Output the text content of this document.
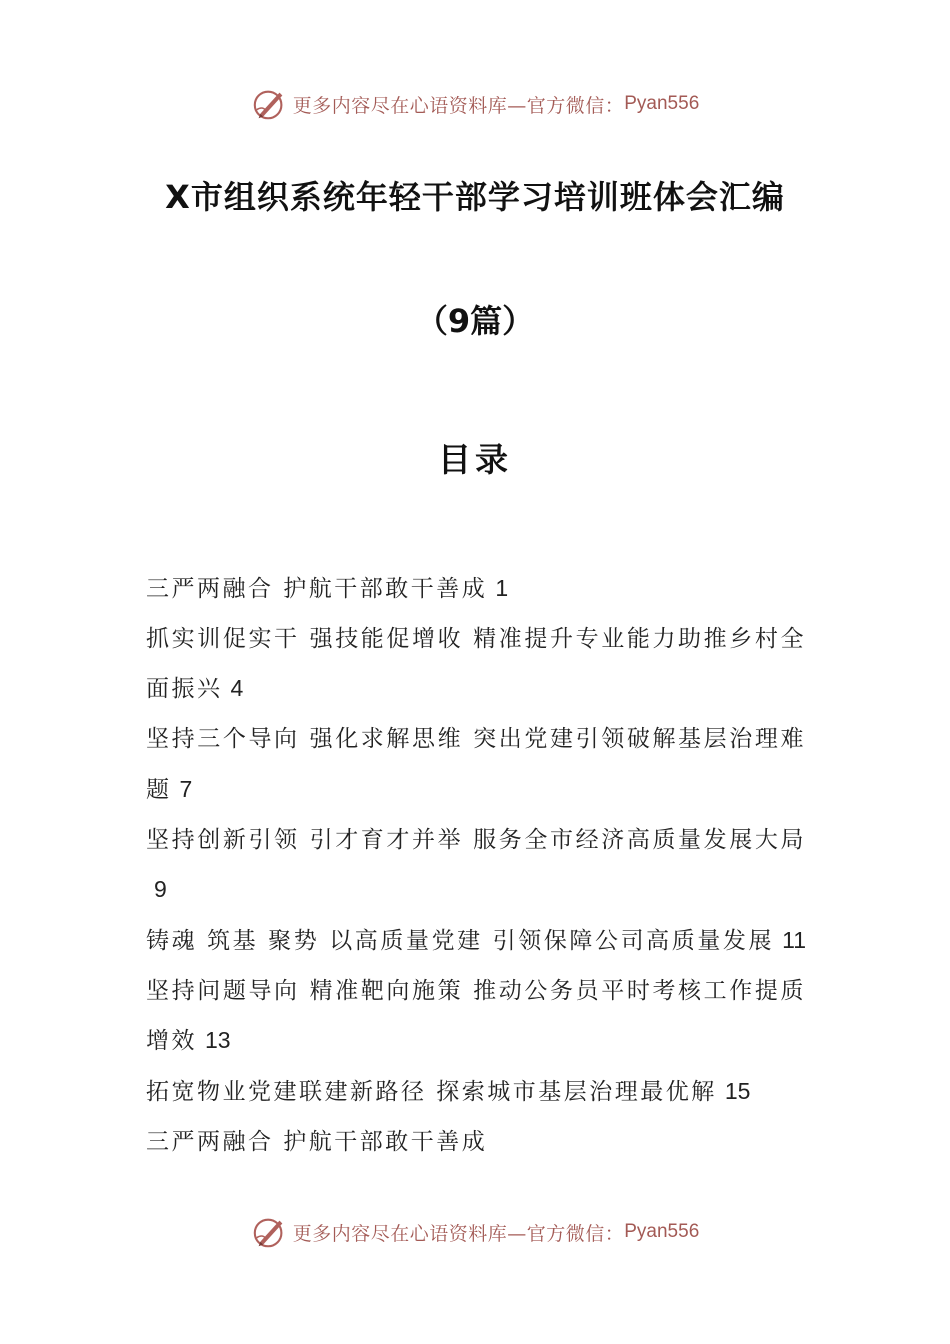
更多内容尽在心语资料库—官方微信： Pyan556
X市组织系统年轻干部学习培训班体会汇编
（9篇）
目录
三严两融合 护航干部敢干善成 1
抓实训促实干 强技能促增收 精准提升专业能力助推乡村全面振兴 4
坚持三个导向 强化求解思维 突出党建引领破解基层治理难题 7
坚持创新引领 引才育才并举 服务全市经济高质量发展大局9
铸魂 筑基 聚势 以高质量党建 引领保障公司高质量发展 11坚持问题导向 精准靶向施策 推动公务员平时考核工作提质增效 13
拓宽物业党建联建新路径 探索城市基层治理最优解 15
三严两融合 护航干部敢干善成
更多内容尽在心语资料库—官方微信： Pyan556
